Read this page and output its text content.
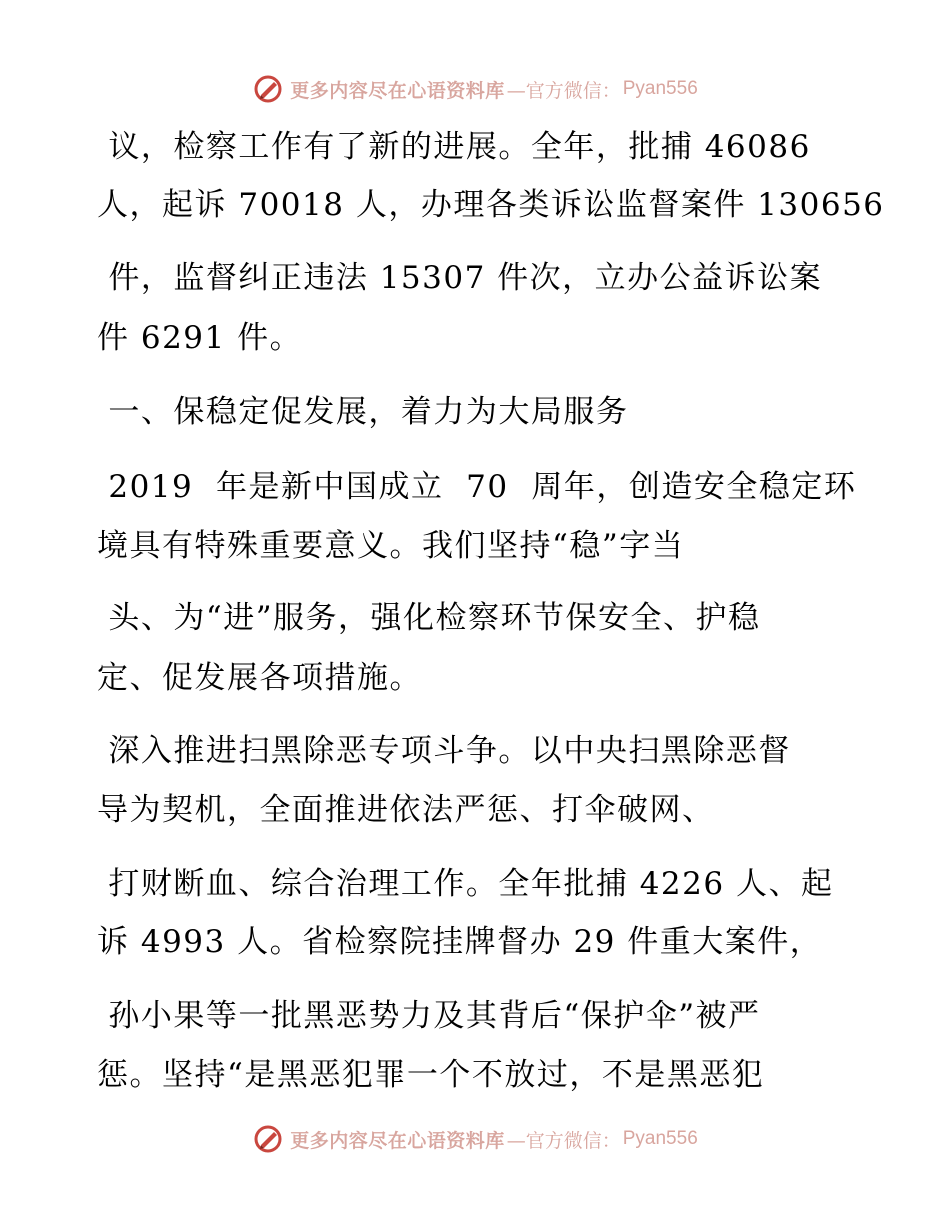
更多内容尽在心语资料库 —官方微信： Pyan556
议，检察工作有了新的进展。全年，批捕 46086
人，起诉 70018 人，办理各类诉讼监督案件 130656
件，监督纠正违法 15307 件次，立办公益诉讼案
件 6291 件。
一、保稳定促发展，着力为大局服务
2019  年是新中国成立  70  周年，创造安全稳定环
境具有特殊重要意义。我们坚持“稳”字当
头、为“进”服务，强化检察环节保安全、护稳
定、促发展各项措施。
深入推进扫黑除恶专项斗争。以中央扫黑除恶督
导为契机，全面推进依法严惩、打伞破网、
打财断血、综合治理工作。全年批捕 4226 人、起
诉 4993 人。省检察院挂牌督办 29 件重大案件，
孙小果等一批黑恶势力及其背后“保护伞”被严
惩。坚持“是黑恶犯罪一个不放过，不是黑恶犯
更多内容尽在心语资料库 —官方微信： Pyan556
